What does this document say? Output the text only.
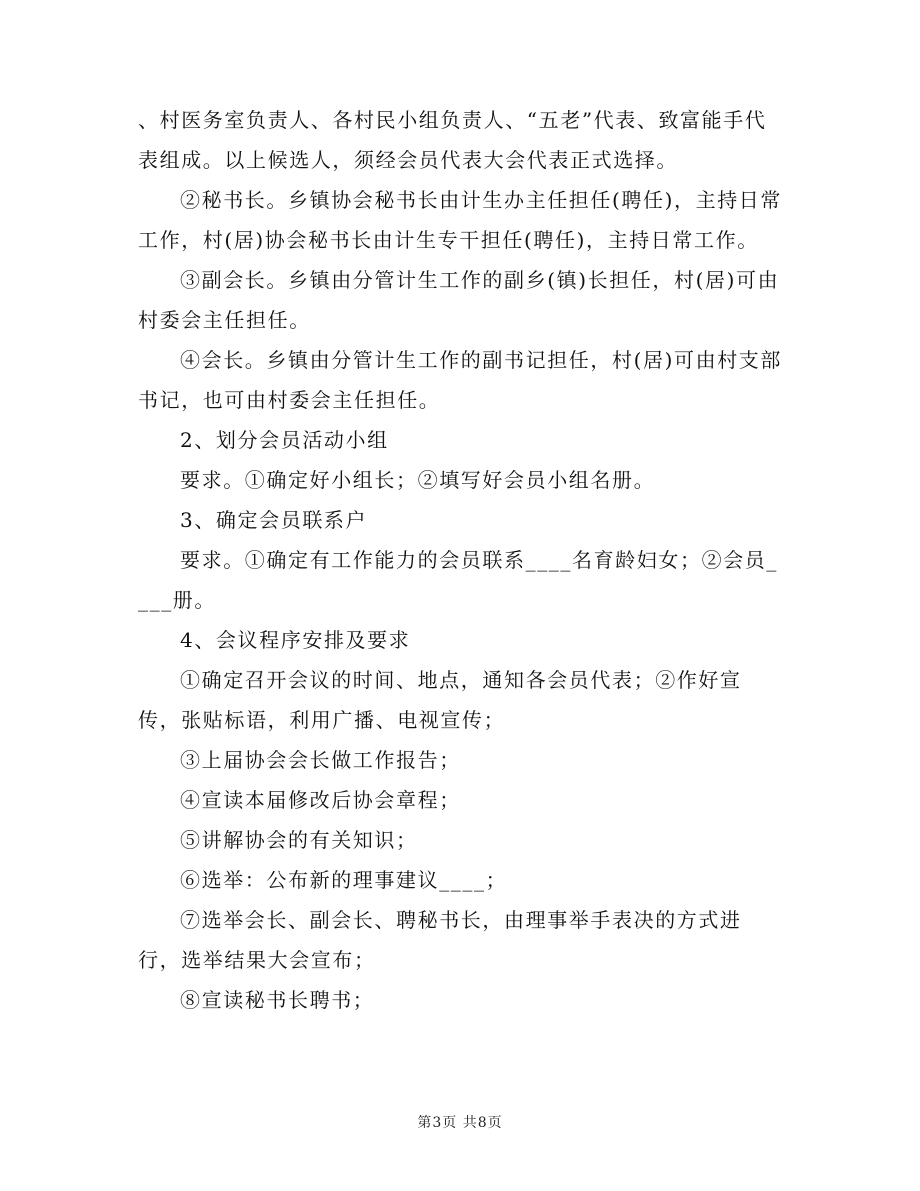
、村医务室负责人、各村民小组负责人、“五老”代表、致富能手代表组成。以上候选人，须经会员代表大会代表正式选择。

②秘书长。乡镇协会秘书长由计生办主任担任(聘任)，主持日常工作，村(居)协会秘书长由计生专干担任(聘任)，主持日常工作。

③副会长。乡镇由分管计生工作的副乡(镇)长担任，村(居)可由村委会主任担任。

④会长。乡镇由分管计生工作的副书记担任，村(居)可由村支部书记，也可由村委会主任担任。

2、划分会员活动小组

要求。①确定好小组长；②填写好会员小组名册。

3、确定会员联系户

要求。①确定有工作能力的会员联系____名育龄妇女；②会员____册。

4、会议程序安排及要求

①确定召开会议的时间、地点，通知各会员代表；②作好宣传，张贴标语，利用广播、电视宣传；

③上届协会会长做工作报告；

④宣读本届修改后协会章程；

⑤讲解协会的有关知识；

⑥选举：公布新的理事建议____；

⑦选举会长、副会长、聘秘书长，由理事举手表决的方式进行，选举结果大会宣布；

⑧宣读秘书长聘书；

第3页 共8页
